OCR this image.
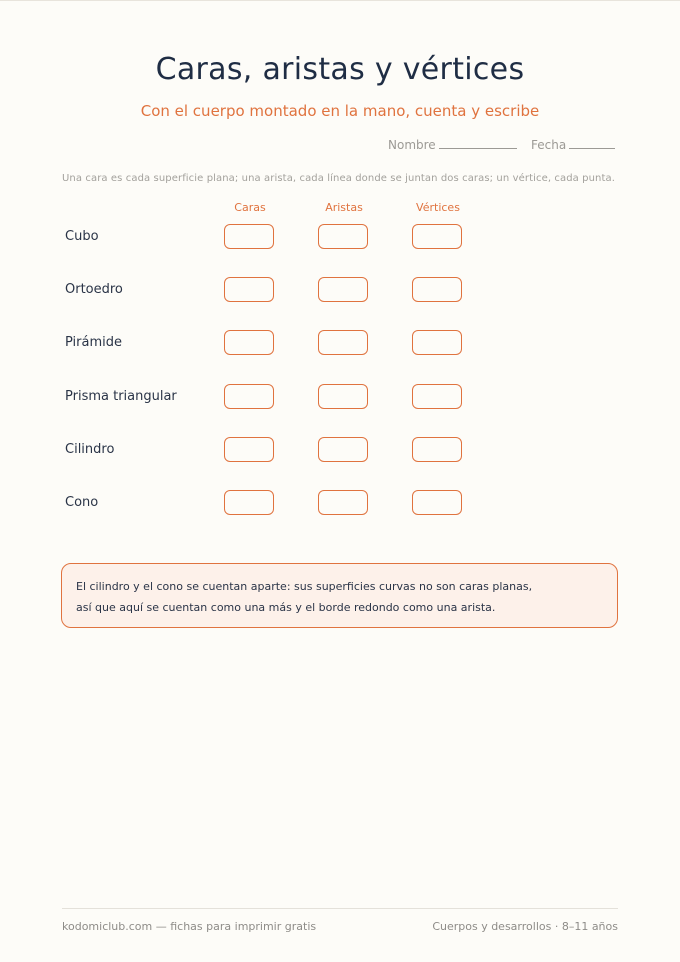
Caras, aristas y vértices
Con el cuerpo montado en la mano, cuenta y escribe
Nombre	Fecha
Una cara es cada superficie plana; una arista, cada línea donde se juntan dos caras; un vértice, cada punta.
Caras	Aristas	Vértices
Cubo
Ortoedro
Pirámide
Prisma triangular
Cilindro
Cono

El cilindro y el cono se cuentan aparte: sus superficies curvas no son caras planas,

así que aquí se cuentan como una más y el borde redondo como una arista.

kodomiclub.com — fichas para imprimir gratis	Cuerpos y desarrollos · 8–11 años
